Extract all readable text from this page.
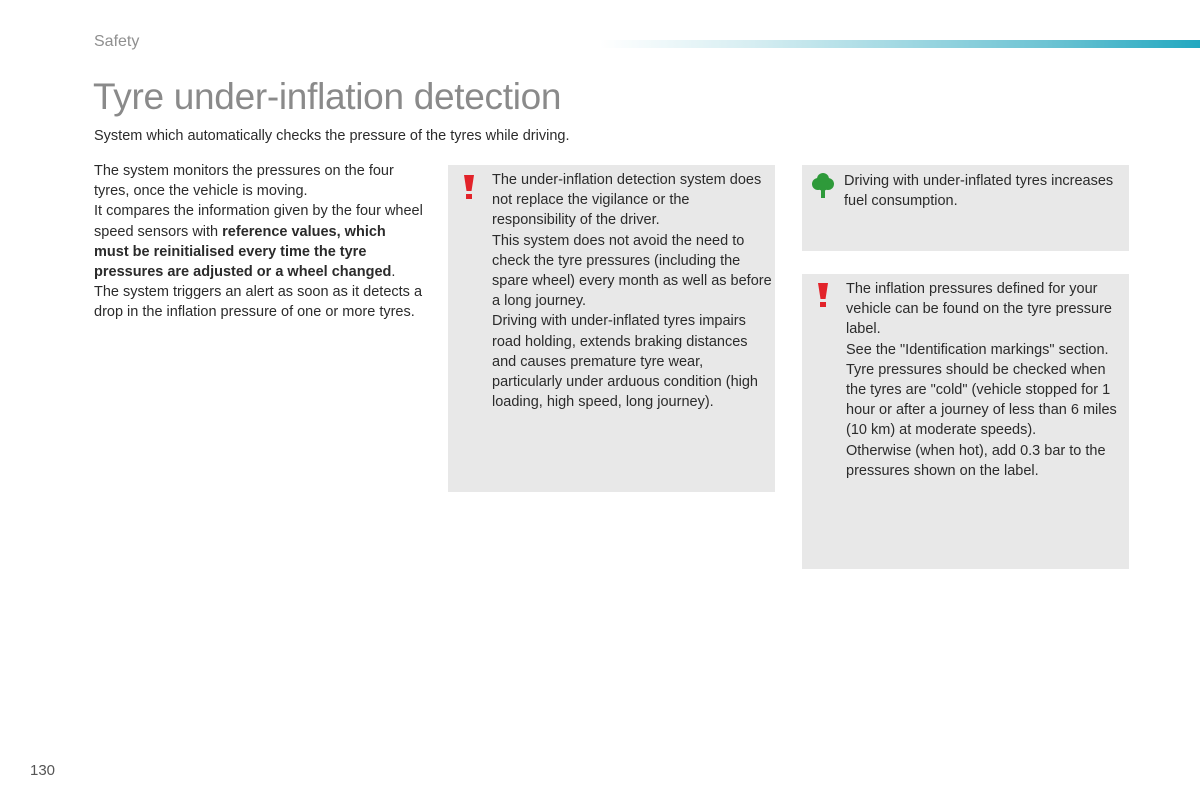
Safety
Tyre under-inflation detection
System which automatically checks the pressure of the tyres while driving.

The system monitors the pressures on the four tyres, once the vehicle is moving.

It compares the information given by the four wheel speed sensors with reference values, which must be reinitialised every time the tyre pressures are adjusted or a wheel changed.

The system triggers an alert as soon as it detects a drop in the inflation pressure of one or more tyres.

The under-inflation detection system does not replace the vigilance or the responsibility of the driver.

This system does not avoid the need to check the tyre pressures (including the spare wheel) every month as well as before a long journey.

Driving with under-inflated tyres impairs road holding, extends braking distances and causes premature tyre wear, particularly under arduous condition (high loading, high speed, long journey).

Driving with under-inflated tyres increases fuel consumption.

The inflation pressures defined for your vehicle can be found on the tyre pressure label.

See the "Identification markings" section.

Tyre pressures should be checked when the tyres are "cold" (vehicle stopped for 1 hour or after a journey of less than 6 miles (10 km) at moderate speeds).

Otherwise (when hot), add 0.3 bar to the pressures shown on the label.

130
